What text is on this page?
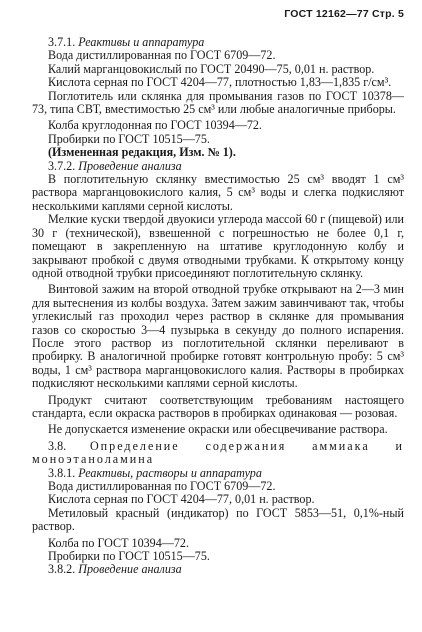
ГОСТ 12162—77 Стр. 5

3.7.1. Реактивы и аппаратура

Вода дистиллированная по ГОСТ 6709—72.

Калий марганцовокислый по ГОСТ 20490—75, 0,01 н. раствор.

Кислота серная по ГОСТ 4204—77, плотностью 1,83—1,835 г/см³.

Поглотитель или склянка для промывания газов по ГОСТ 10378—73, типа СВТ, вместимостью 25 см³ или любые аналогичные приборы.

Колба круглодонная по ГОСТ 10394—72.

Пробирки по ГОСТ 10515—75.

(Измененная редакция, Изм. № 1).

3.7.2. Проведение анализа

В поглотительную склянку вместимостью 25 см³ вводят 1 см³ раствора марганцовокислого калия, 5 см³ воды и слегка подкисляют несколькими каплями серной кислоты.

Мелкие куски твердой двуокиси углерода массой 60 г (пищевой) или 30 г (технической), взвешенной с погрешностью не более 0,1 г, помещают в закрепленную на штативе круглодонную колбу и закрывают пробкой с двумя отводными трубками. К открытому концу одной отводной трубки присоединяют поглотительную склянку.

Винтовой зажим на второй отводной трубке открывают на 2—3 мин для вытеснения из колбы воздуха. Затем зажим завинчивают так, чтобы углекислый газ проходил через раствор в склянке для промывания газов со скоростью 3—4 пузырька в секунду до полного испарения. После этого раствор из поглотительной склянки переливают в пробирку. В аналогичной пробирке готовят контрольную пробу: 5 см³ воды, 1 см³ раствора марганцовокислого калия. Растворы в пробирках подкисляют несколькими каплями серной кислоты.

Продукт считают соответствующим требованиям настоящего стандарта, если окраска растворов в пробирках одинаковая — розовая.

Не допускается изменение окраски или обесцвечивание раствора.

3.8. Определение содержания аммиака и моноэтаноламина

3.8.1. Реактивы, растворы и аппаратура

Вода дистиллированная по ГОСТ 6709—72.

Кислота серная по ГОСТ 4204—77, 0,01 н. раствор.

Метиловый красный (индикатор) по ГОСТ 5853—51, 0,1%-ный раствор.

Колба по ГОСТ 10394—72.

Пробирки по ГОСТ 10515—75.

3.8.2. Проведение анализа
